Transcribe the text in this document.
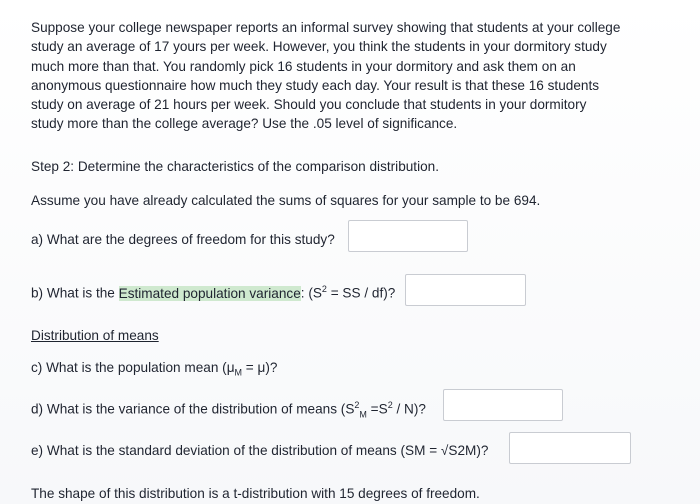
Suppose your college newspaper reports an informal survey showing that students at your college
study an average of 17 yours per week. However, you think the students in your dormitory study
much more than that. You randomly pick 16 students in your dormitory and ask them on an
anonymous questionnaire how much they study each day. Your result is that these 16 students
study on average of 21 hours per week. Should you conclude that students in your dormitory
study more than the college average? Use the .05 level of significance.
Step 2: Determine the characteristics of the comparison distribution.
Assume you have already calculated the sums of squares for your sample to be 694.
a) What are the degrees of freedom for this study?
b) What is the Estimated population variance: ($S^2$ = SS / df)?
Distribution of means
c) What is the population mean $(\mu_M = \mu)$?
d) What is the variance of the distribution of means $(S^2_M =S^2 / N)$?
e) What is the standard deviation of the distribution of means (SM = √S2M)?
The shape of this distribution is a t-distribution with 15 degrees of freedom.
